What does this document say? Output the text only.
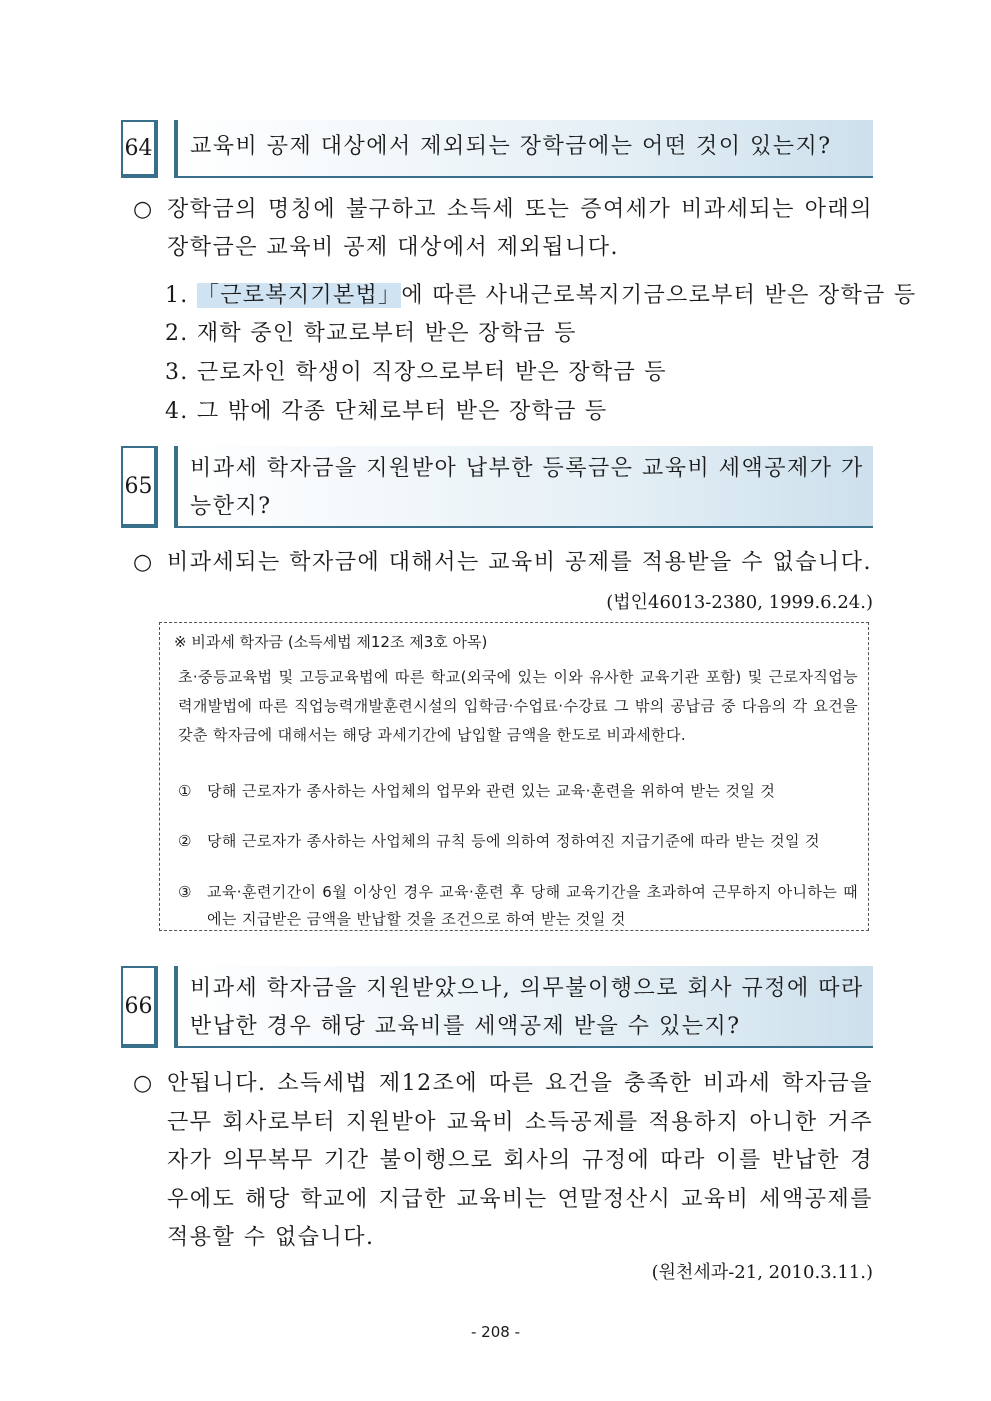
64	교육비 공제 대상에서 제외되는 장학금에는 어떤 것이 있는지?
○ 장학금의 명칭에 불구하고 소득세 또는 증여세가 비과세되는 아래의 장학금은 교육비 공제 대상에서 제외됩니다.
1. 「근로복지기본법」에 따른 사내근로복지기금으로부터 받은 장학금 등
2. 재학 중인 학교로부터 받은 장학금 등
3. 근로자인 학생이 직장으로부터 받은 장학금 등
4. 그 밖에 각종 단체로부터 받은 장학금 등
65
비과세 학자금을 지원받아 납부한 등록금은 교육비 세액공제가 가능한지?
○ 비과세되는 학자금에 대해서는 교육비 공제를 적용받을 수 없습니다.
(법인46013-2380, 1999.6.24.)
※ 비과세 학자금 (소득세법 제12조 제3호 아목)
초·중등교육법 및 고등교육법에 따른 학교(외국에 있는 이와 유사한 교육기관 포함) 및 근로자직업능력개발법에 따른 직업능력개발훈련시설의 입학금·수업료·수강료 그 밖의 공납금 중 다음의 각 요건을 갖춘 학자금에 대해서는 해당 과세기간에 납입할 금액을 한도로 비과세한다.
① 당해 근로자가 종사하는 사업체의 업무와 관련 있는 교육·훈련을 위하여 받는 것일 것
② 당해 근로자가 종사하는 사업체의 규칙 등에 의하여 정하여진 지급기준에 따라 받는 것일 것
③ 교육·훈련기간이 6월 이상인 경우 교육·훈련 후 당해 교육기간을 초과하여 근무하지 아니하는 때에는 지급받은 금액을 반납할 것을 조건으로 하여 받는 것일 것
66
비과세 학자금을 지원받았으나, 의무불이행으로 회사 규정에 따라 반납한 경우 해당 교육비를 세액공제 받을 수 있는지?
○ 안됩니다. 소득세법 제12조에 따른 요건을 충족한 비과세 학자금을 근무 회사로부터 지원받아 교육비 소득공제를 적용하지 아니한 거주자가 의무복무 기간 불이행으로 회사의 규정에 따라 이를 반납한 경우에도 해당 학교에 지급한 교육비는 연말정산시 교육비 세액공제를 적용할 수 없습니다.
(원천세과-21, 2010.3.11.)
- 208 -
